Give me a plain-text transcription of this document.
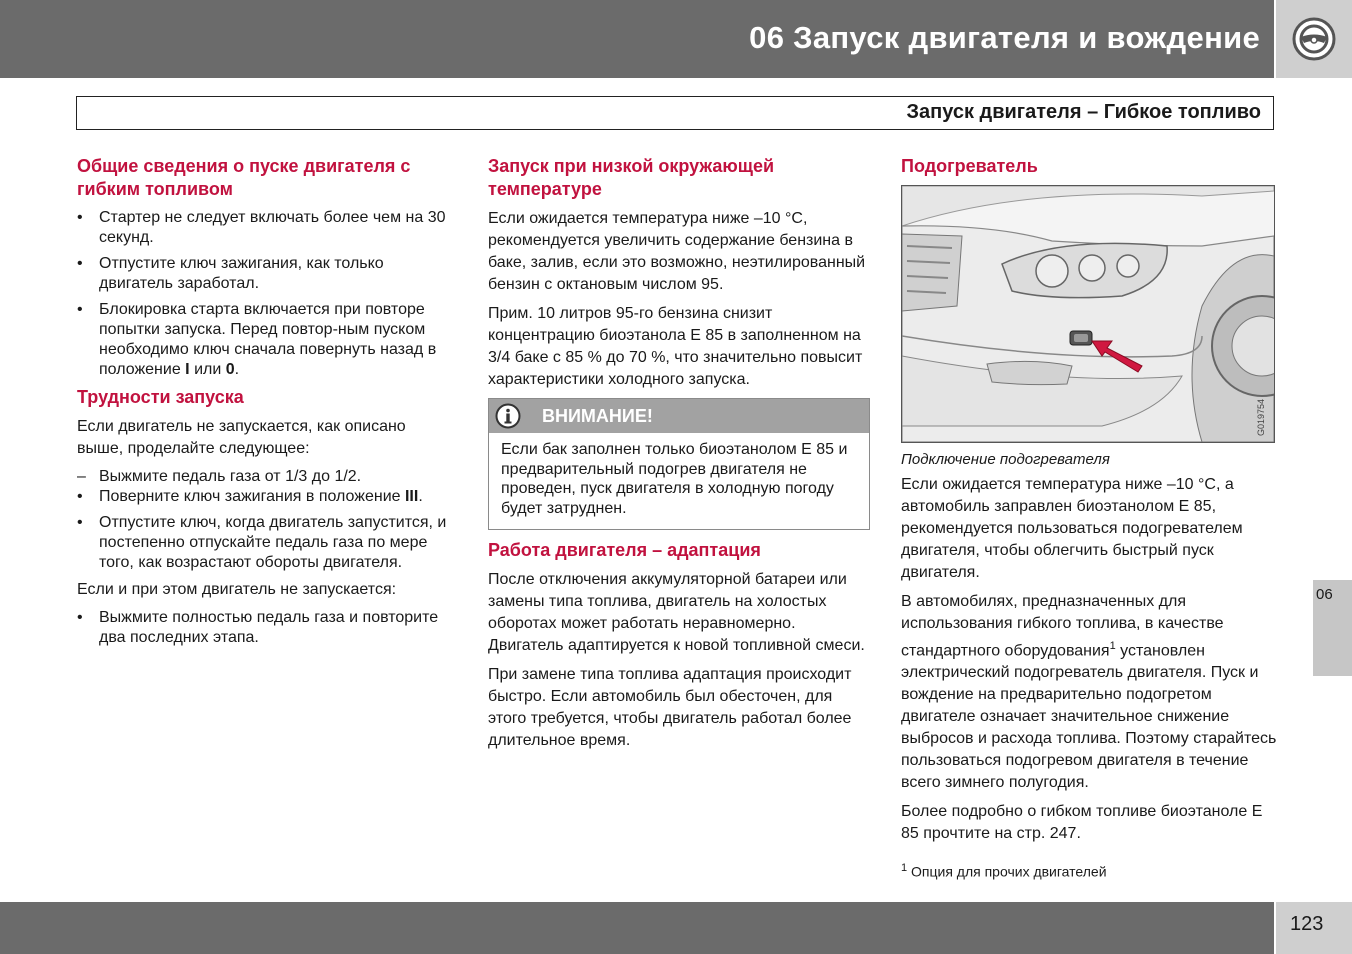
06 Запуск двигателя и вождение
Запуск двигателя – Гибкое топливо
Общие сведения о пуске двигателя с гибким топливом
•	Стартер не следует включать более чем на 30 секунд.
•	Отпустите ключ зажигания, как только двигатель заработал.
•	Блокировка старта включается при повторе попытки запуска. Перед повтор-ным пуском необходимо ключ сначала повернуть назад в положение I или 0.
Трудности запуска

Если двигатель не запускается, как описано выше, проделайте следующее:

– Выжмите педаль газа от 1/3 до 1/2.
•	Поверните ключ зажигания в положение III.
•	Отпустите ключ, когда двигатель запустится, и постепенно отпускайте педаль газа по мере того, как возрастают обороты двигателя.

Если и при этом двигатель не запускается:

•	Выжмите полностью педаль газа и повторите два последних этапа.
Запуск при низкой окружающей температуре

Если ожидается температура ниже –10 °C, рекомендуется увеличить содержание бензина в баке, залив, если это возможно, неэтилированный бензин с октановым числом 95.

Прим. 10 литров 95-го бензина снизит концентрацию биоэтанола E 85 в заполненном на 3/4 баке с 85 % до 70 %, что значительно повысит характеристики холодного запуска.

ВНИМАНИЕ!
Если бак заполнен только биоэтанолом E 85 и предварительный подогрев двигателя не проведен, пуск двигателя в холодную погоду будет затруднен.
Работа двигателя – адаптация

После отключения аккумуляторной батареи или замены типа топлива, двигатель на холостых оборотах может работать неравномерно. Двигатель адаптируется к новой топливной смеси.

При замене типа топлива адаптация происходит быстро. Если автомобиль был обесточен, для этого требуется, чтобы двигатель работал более длительное время.

Подогреватель
G019754

Подключение подогревателя

Если ожидается температура ниже –10 °C, а автомобиль заправлен биоэтанолом E 85, рекомендуется пользоваться подогревателем двигателя, чтобы облегчить быстрый пуск двигателя.

В автомобилях, предназначенных для использования гибкого топлива, в качестве стандартного оборудования$^1$ установлен электрический подогреватель двигателя. Пуск и вождение на предварительно подогретом двигателе означает значительное снижение выбросов и расхода топлива. Поэтому старайтесь пользоваться подогревом двигателя в течение всего зимнего полугодия.

Более подробно о гибком топливе биоэтаноле E 85 прочтите на стр. 247.

$^1$ Опция для прочих двигателей
06
123
